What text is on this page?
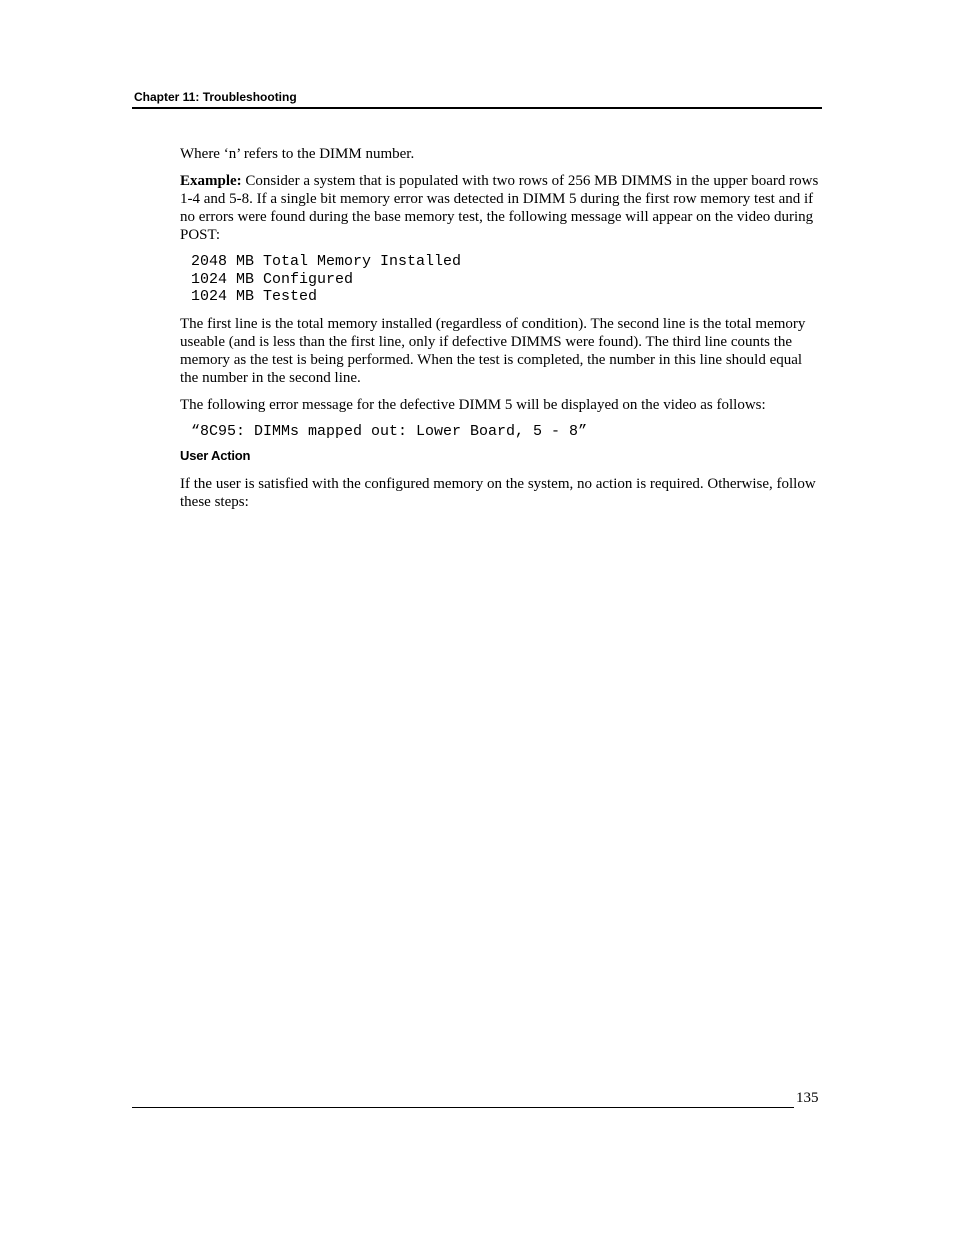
Chapter 11: Troubleshooting

Where ‘n’ refers to the DIMM number.

Example: Consider a system that is populated with two rows of 256 MB DIMMS in the upper board rows 1-4 and 5-8. If a single bit memory error was detected in DIMM 5 during the first row memory test and if no errors were found during the base memory test, the following message will appear on the video during POST:

2048 MB Total Memory Installed
1024 MB Configured
1024 MB Tested

The first line is the total memory installed (regardless of condition). The second line is the total memory useable (and is less than the first line, only if defective DIMMS were found). The third line counts the memory as the test is being performed. When the test is completed, the number in this line should equal the number in the second line.

The following error message for the defective DIMM 5 will be displayed on the video as follows:

“8C95: DIMMs mapped out: Lower Board, 5 - 8”
User Action

If the user is satisfied with the configured memory on the system, no action is required. Otherwise, follow these steps:

135
